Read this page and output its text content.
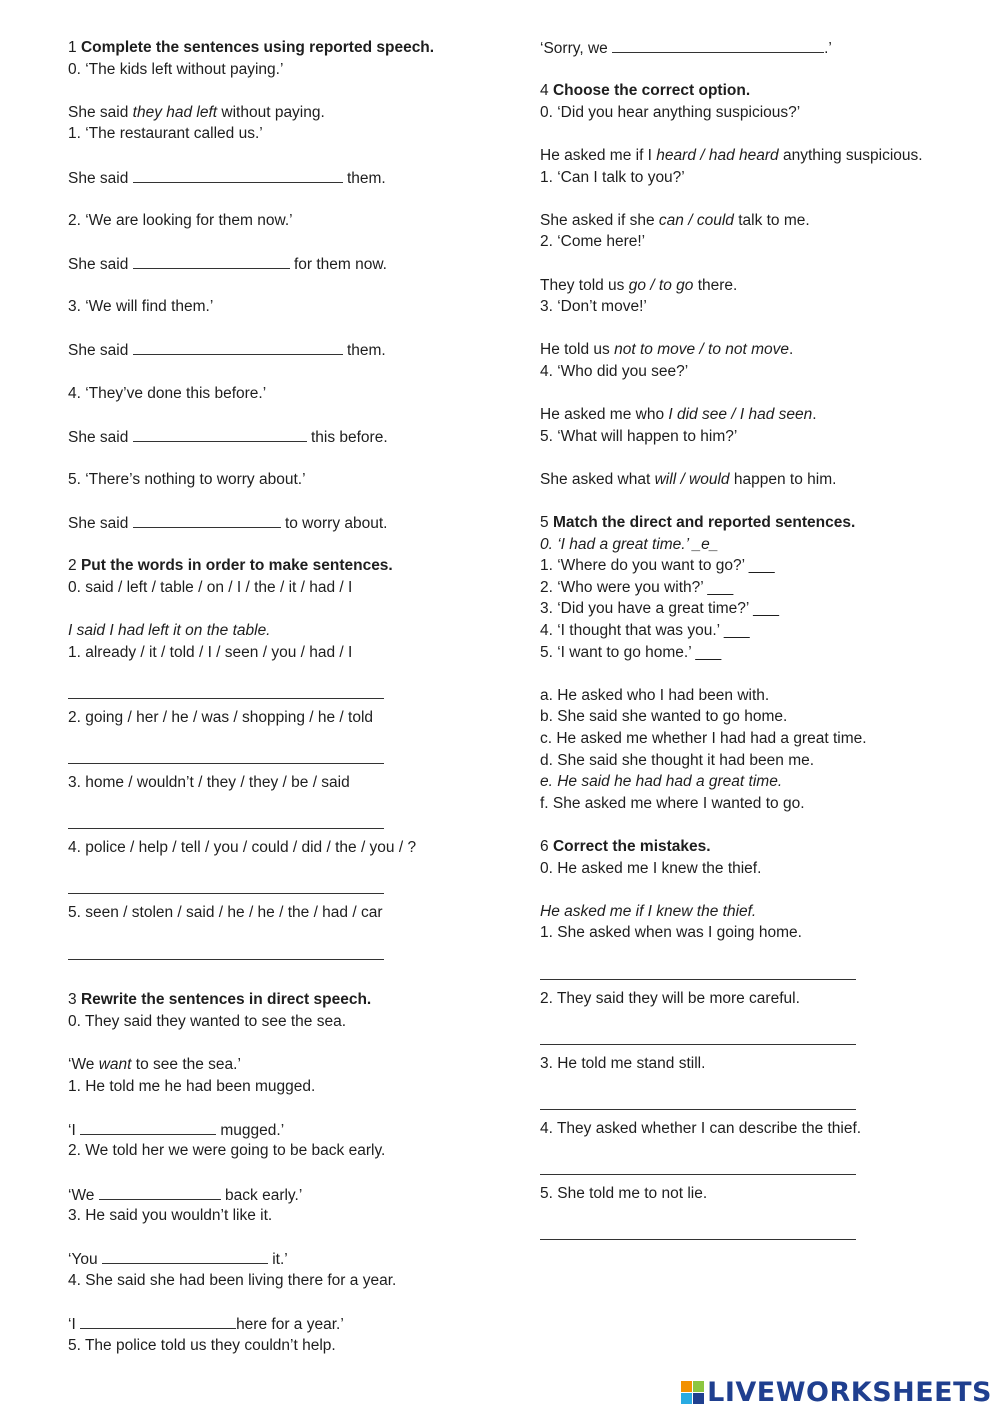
1 Complete the sentences using reported speech.
0. ‘The kids left without paying.’
She said they had left without paying.
1. ‘The restaurant called us.’
She said	them.
2. ‘We are looking for them now.’
She said	for them now.
3. ‘We will find them.’
She said	them.
4. ‘They’ve done this before.’
She said	this before.
5. ‘There’s nothing to worry about.’
She said	to worry about.
2 Put the words in order to make sentences.
0. said / left / table / on / I / the / it / had / I
I said I had left it on the table.
1. already / it / told / I / seen / you / had / I
2. going / her / he / was / shopping / he / told
3. home / wouldn’t / they / they / be / said
4. police / help / tell / you / could / did / the / you / ?
5. seen / stolen / said / he / he / the / had / car
3 Rewrite the sentences in direct speech.
0. They said they wanted to see the sea.
‘We want to see the sea.’
1. He told me he had been mugged.
‘I	mugged.’
2. We told her we were going to be back early.
‘We	back early.’
3. He said you wouldn’t like it.
‘You	it.’
4. She said she had been living there for a year.
‘I	here for a year.’
5. The police told us they couldn’t help.
‘Sorry, we	.’
4 Choose the correct option.
0. ‘Did you hear anything suspicious?’
He asked me if I heard / had heard anything suspicious.
1. ‘Can I talk to you?’
She asked if she can / could talk to me.
2. ‘Come here!’
They told us go / to go there.
3. ‘Don’t move!’
He told us not to move / to not move.
4. ‘Who did you see?’
He asked me who I did see / I had seen.
5. ‘What will happen to him?’
She asked what will / would happen to him.
5 Match the direct and reported sentences.
0. ‘I had a great time.’ _e_
1. ‘Where do you want to go?’ ___
2. ‘Who were you with?’ ___
3. ‘Did you have a great time?’ ___
4. ‘I thought that was you.’ ___
5. ‘I want to go home.’ ___
a. He asked who I had been with.
b. She said she wanted to go home.
c. He asked me whether I had had a great time.
d. She said she thought it had been me.
e. He said he had had a great time.
f. She asked me where I wanted to go.
6 Correct the mistakes.
0. He asked me I knew the thief.
He asked me if I knew the thief.
1. She asked when was I going home.
2. They said they will be more careful.
3. He told me stand still.
4. They asked whether I can describe the thief.
5. She told me to not lie.
LIVEWORKSHEETS
